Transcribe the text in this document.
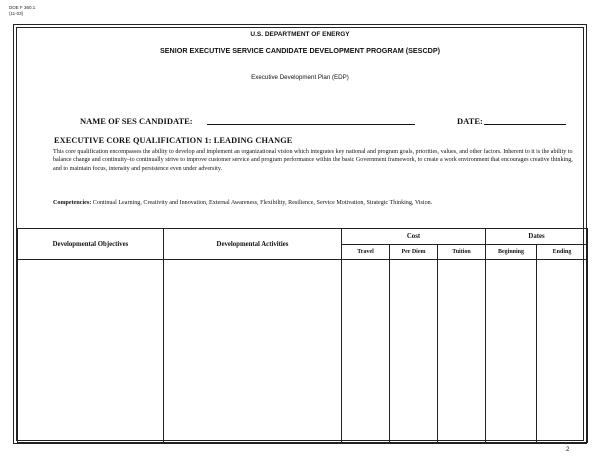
DOE F 360.1
(11-03)
U.S. DEPARTMENT OF ENERGY
SENIOR EXECUTIVE SERVICE CANDIDATE DEVELOPMENT PROGRAM (SESCDP)
Executive Development Plan (EDP)
NAME OF SES CANDIDATE:	DATE:
EXECUTIVE CORE QUALIFICATION 1: LEADING CHANGE
This core qualification encompasses the ability to develop and implement an organizational vision which integrates key national and program goals, priorities, values, and other factors. Inherent to it is the ability to balance change and continuity–to continually strive to improve customer service and program performance within the basic Government framework, to create a work environment that encourages creative thinking, and to maintain focus, intensity and persistence even under adversity.
Competencies: Continual Learning, Creativity and Innovation, External Awareness, Flexibility, Resilience, Service Motivation, Strategic Thinking, Vision.
Developmental Objectives	Developmental Activities	Cost			Dates	
		Travel	Per Diem	Tuition	Beginning	Ending

2
